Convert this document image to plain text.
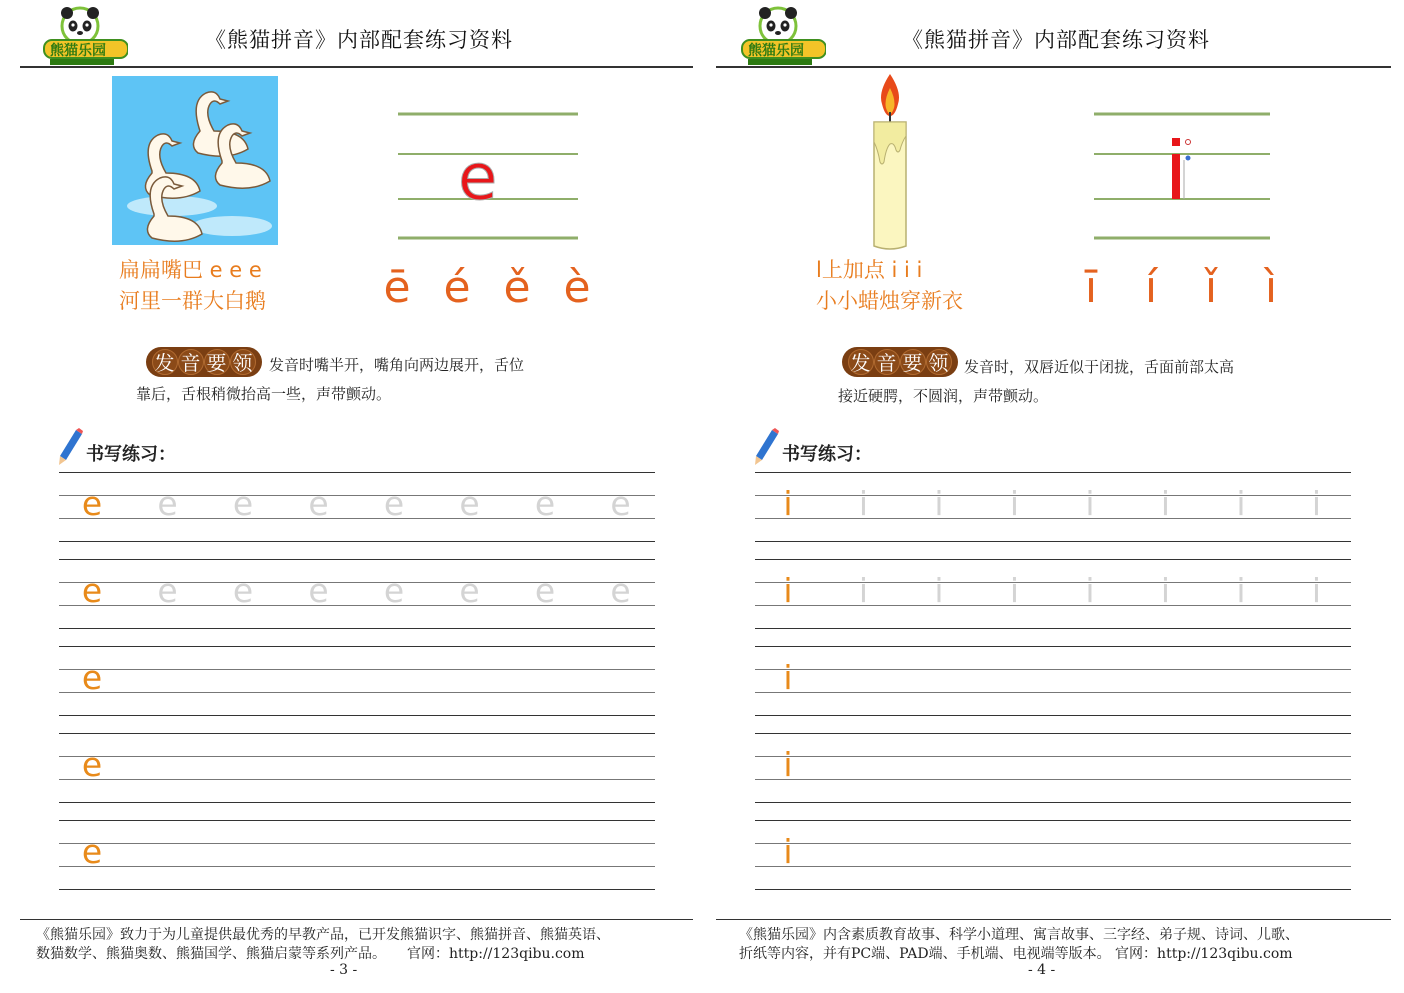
熊猫乐园	《熊猫拼音》内部配套练习资料
e
扁扁嘴巴 e e e
河里一群大白鹅	ē é ě è
发 音 要 领	发音时嘴半开，嘴角向两边展开，舌位
靠后，舌根稍微抬高一些，声带颤动。
书写练习：
e e e e e e e e
e e e e e e e e
e
e
e
《熊猫乐园》致力于为儿童提供最优秀的早教产品，已开发熊猫识字、熊猫拼音、熊猫英语、
数猫数学、熊猫奥数、熊猫国学、熊猫启蒙等系列产品。　　官网：http://123qibu.com
- 3 -
熊猫乐园	《熊猫拼音》内部配套练习资料
l上加点 i i i
小小蜡烛穿新衣	ī í ǐ ì
发 音 要 领 发音时，双唇近似于闭拢，舌面前部太高
接近硬腭，不圆润，声带颤动。
书写练习：
i	i	i	i	i	i	i	i
i	i	i	i	i	i	i	i
i
i
i
《熊猫乐园》内含素质教育故事、科学小道理、寓言故事、三字经、弟子规、诗词、儿歌、
折纸等内容，并有PC端、PAD端、手机端、电视端等版本。 官网：http://123qibu.com
- 4 -
